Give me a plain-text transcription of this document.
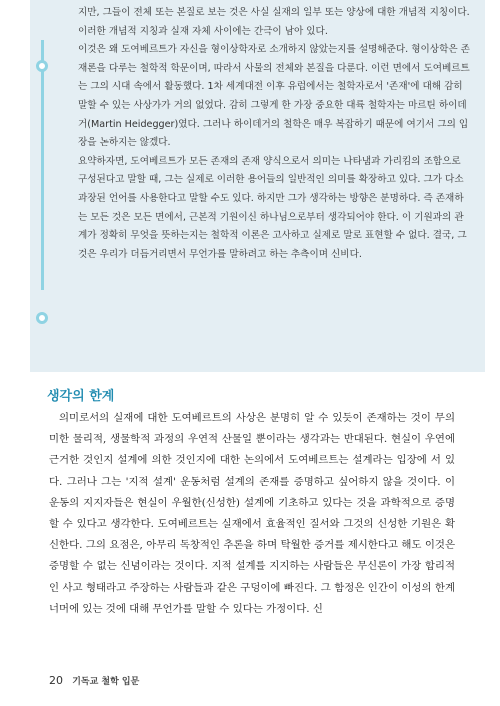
지만, 그들이 전체 또는 본질로 보는 것은 사실 실재의 일부 또는 양상에 대한 개념적 지칭이다. 이러한 개념적 지칭과 실재 자체 사이에는 간극이 남아 있다.

이것은 왜 도여베르트가 자신을 형이상학자로 소개하지 않았는지를 설명해준다. 형이상학은 존재론을 다루는 철학적 학문이며, 따라서 사물의 전체와 본질을 다룬다. 이런 면에서 도여베르트는 그의 시대 속에서 활동했다. 1차 세계대전 이후 유럽에서는 철학자로서 '존재'에 대해 감히 말할 수 있는 사상가가 거의 없었다. 감히 그렇게 한 가장 중요한 대륙 철학자는 마르틴 하이데거(Martin Heidegger)였다. 그러나 하이데거의 철학은 매우 복잡하기 때문에 여기서 그의 입장을 논하지는 않겠다.

요약하자면, 도여베르트가 모든 존재의 존재 양식으로서 의미는 나타냄과 가리킴의 조합으로 구성된다고 말할 때, 그는 실제로 이러한 용어들의 일반적인 의미를 확장하고 있다. 그가 다소 과장된 언어를 사용한다고 말할 수도 있다. 하지만 그가 생각하는 방향은 분명하다. 즉 존재하는 모든 것은 모든 면에서, 근본적 기원이신 하나님으로부터 생각되어야 한다. 이 기원과의 관계가 정확히 무엇을 뜻하는지는 철학적 이론은 고사하고 실제로 말로 표현할 수 없다. 결국, 그것은 우리가 더듬거리면서 무언가를 말하려고 하는 추측이며 신비다.

생각의 한계

의미로서의 실재에 대한 도여베르트의 사상은 분명히 알 수 있듯이 존재하는 것이 무의미한 물리적, 생물학적 과정의 우연적 산물일 뿐이라는 생각과는 반대된다. 현실이 우연에 근거한 것인지 설계에 의한 것인지에 대한 논의에서 도여베르트는 설계라는 입장에 서 있다. 그러나 그는 '지적 설계' 운동처럼 설계의 존재를 증명하고 싶어하지 않을 것이다. 이 운동의 지지자들은 현실이 우월한(신성한) 설계에 기초하고 있다는 것을 과학적으로 증명할 수 있다고 생각한다. 도여베르트는 실재에서 효율적인 질서와 그것의 신성한 기원은 확신한다. 그의 요점은, 아무리 독창적인 추론을 하며 탁월한 증거를 제시한다고 해도 이것은 증명할 수 없는 신념이라는 것이다. 지적 설계를 지지하는 사람들은 무신론이 가장 합리적인 사고 형태라고 주장하는 사람들과 같은 구덩이에 빠진다. 그 함정은 인간이 이성의 한계 너머에 있는 것에 대해 무언가를 말할 수 있다는 가정이다. 신

20 기독교 철학 입문
